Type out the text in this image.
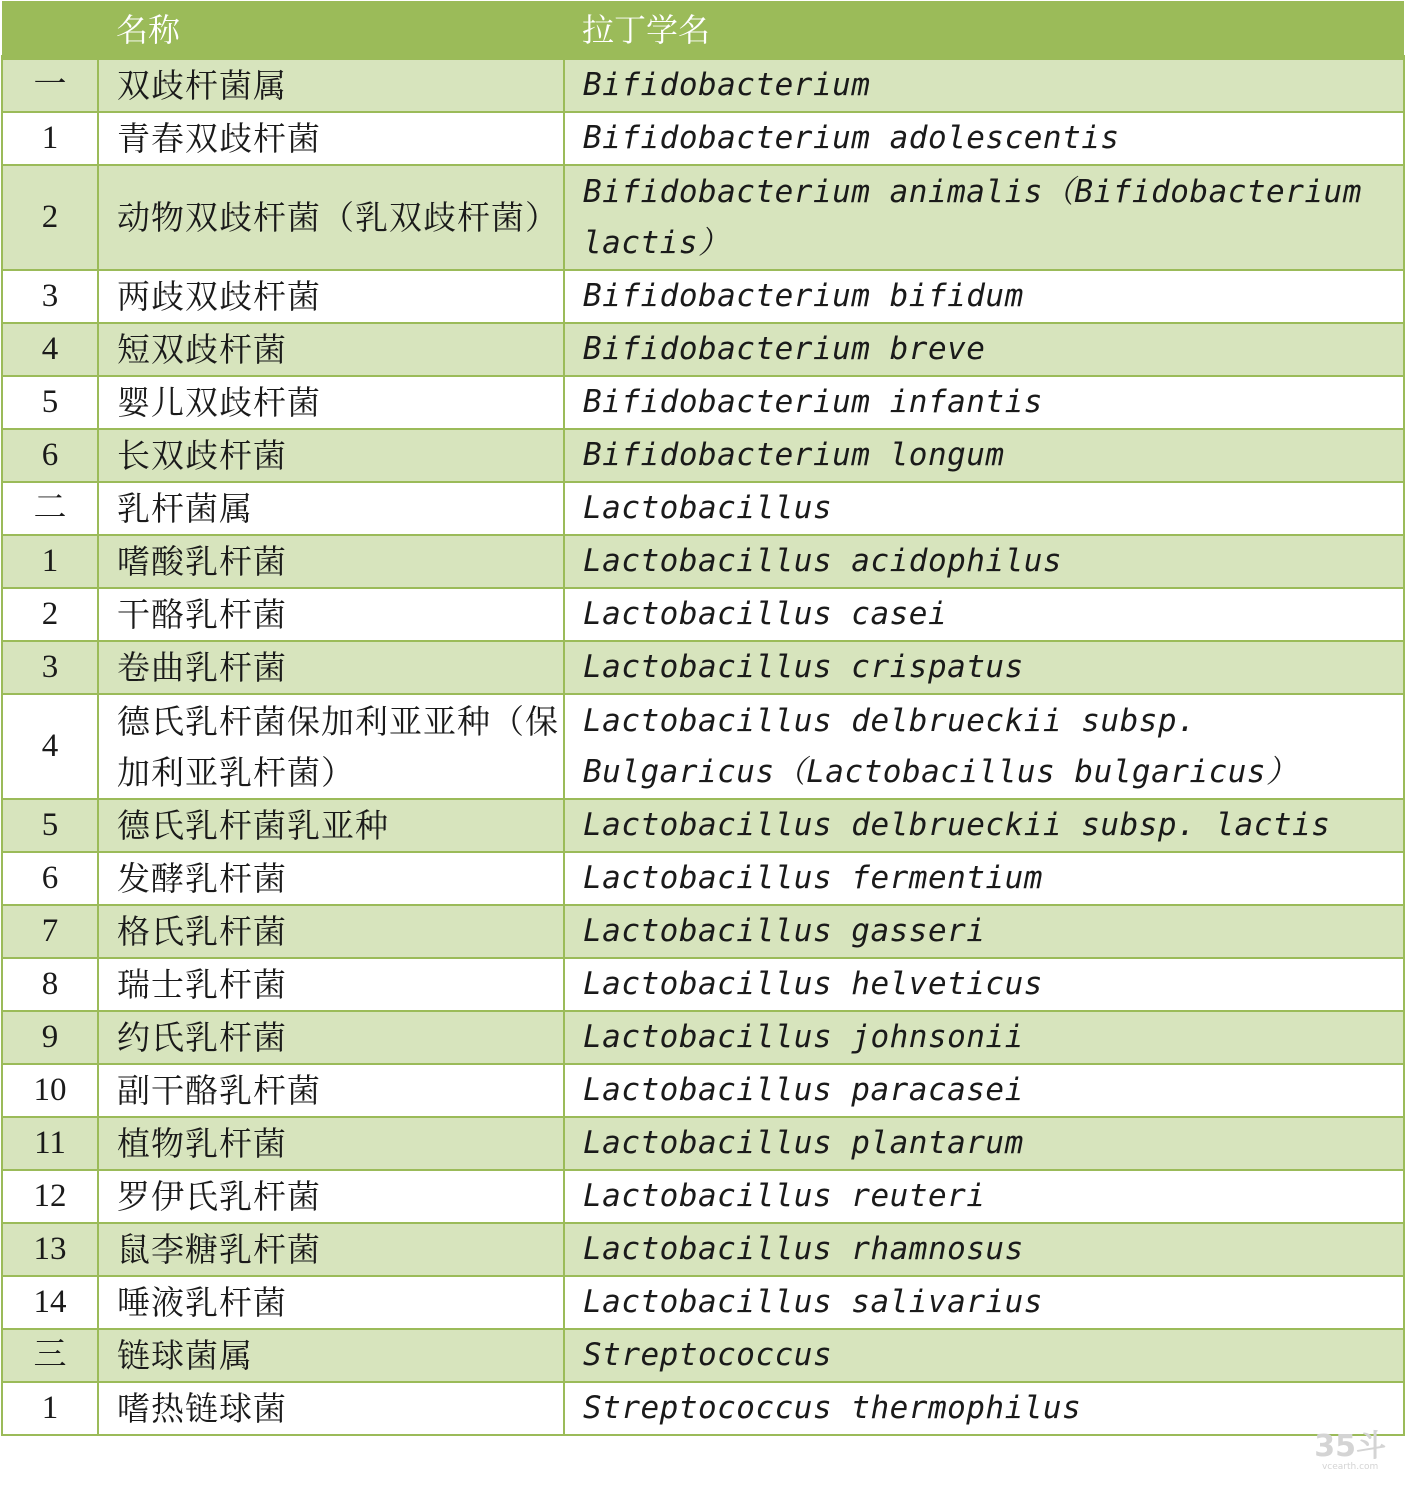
	名称	拉丁学名
一	双歧杆菌属	Bifidobacterium
1	青春双歧杆菌	Bifidobacterium adolescentis
2	动物双歧杆菌（乳双歧杆菌）	Bifidobacterium animalis（Bifidobacterium lactis）
3	两歧双歧杆菌	Bifidobacterium bifidum
4	短双歧杆菌	Bifidobacterium breve
5	婴儿双歧杆菌	Bifidobacterium infantis
6	长双歧杆菌	Bifidobacterium longum
二	乳杆菌属	Lactobacillus
1	嗜酸乳杆菌	Lactobacillus acidophilus
2	干酪乳杆菌	Lactobacillus casei
3	卷曲乳杆菌	Lactobacillus crispatus
4	德氏乳杆菌保加利亚亚种（保加利亚乳杆菌）	Lactobacillus delbrueckii subsp. Bulgaricus（Lactobacillus bulgaricus）
5	德氏乳杆菌乳亚种	Lactobacillus delbrueckii subsp. lactis
6	发酵乳杆菌	Lactobacillus fermentium
7	格氏乳杆菌	Lactobacillus gasseri
8	瑞士乳杆菌	Lactobacillus helveticus
9	约氏乳杆菌	Lactobacillus johnsonii
10	副干酪乳杆菌	Lactobacillus paracasei
11	植物乳杆菌	Lactobacillus plantarum
12	罗伊氏乳杆菌	Lactobacillus reuteri
13	鼠李糖乳杆菌	Lactobacillus rhamnosus
14	唾液乳杆菌	Lactobacillus salivarius
三	链球菌属	Streptococcus
1	嗜热链球菌	Streptococcus thermophilus
35斗
vcearth.com
